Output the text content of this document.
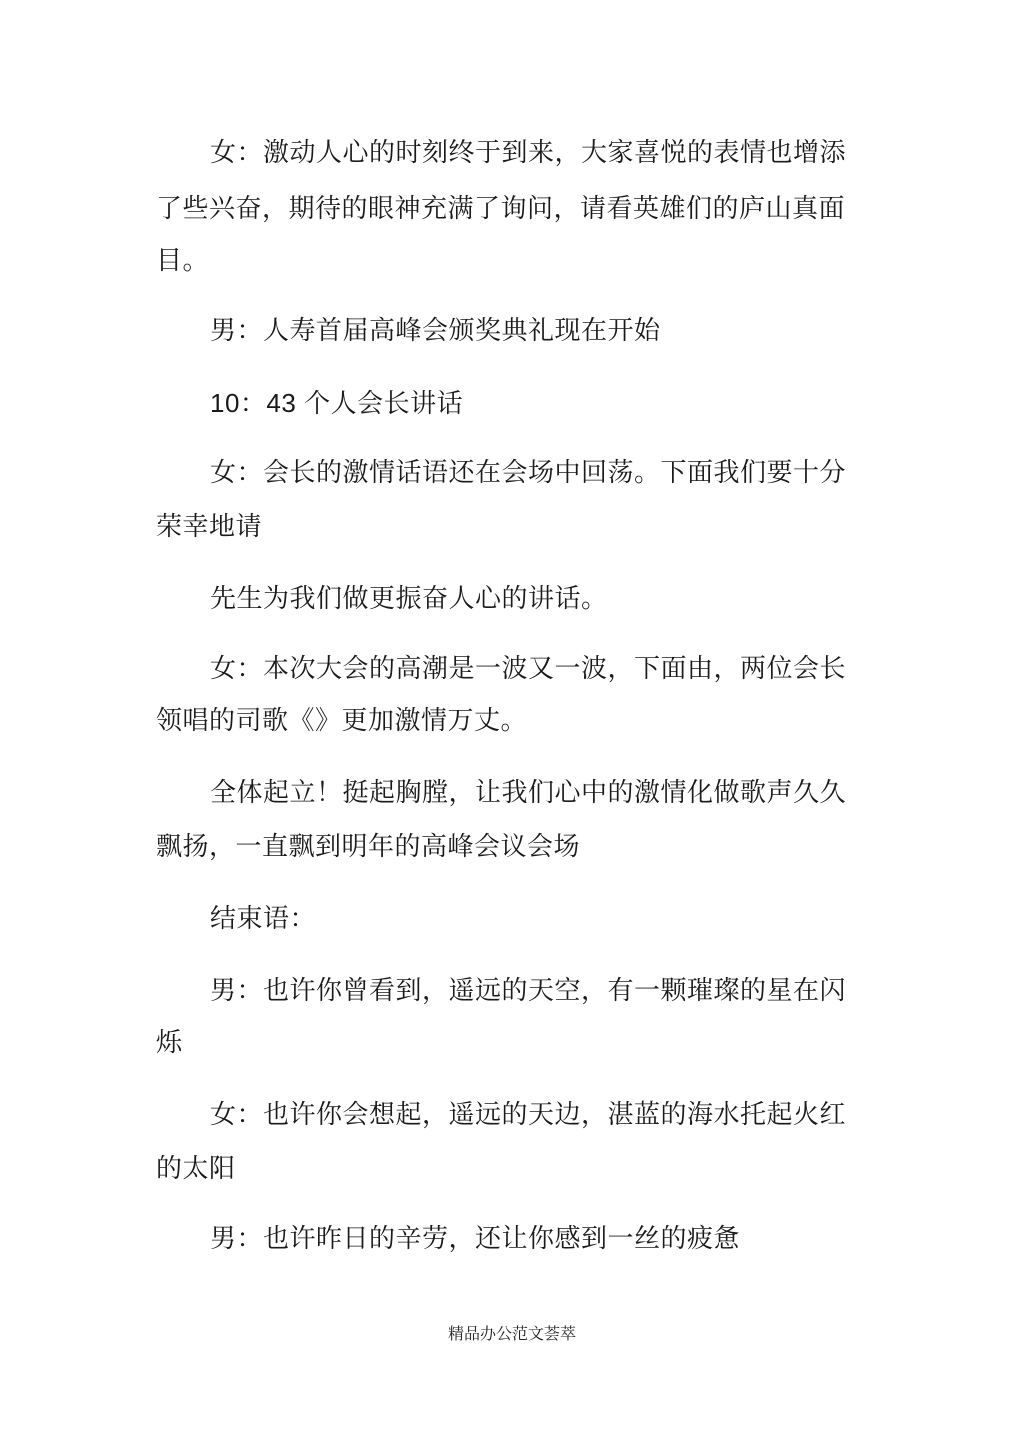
女：激动人心的时刻终于到来，大家喜悦的表情也增添
了些兴奋，期待的眼神充满了询问，请看英雄们的庐山真面
目。
男：人寿首届高峰会颁奖典礼现在开始
10：43 个人会长讲话
女：会长的激情话语还在会场中回荡。下面我们要十分
荣幸地请
先生为我们做更振奋人心的讲话。
女：本次大会的高潮是一波又一波，下面由，两位会长
领唱的司歌《》更加激情万丈。
全体起立！挺起胸膛，让我们心中的激情化做歌声久久
飘扬，一直飘到明年的高峰会议会场
结束语：
男：也许你曾看到，遥远的天空，有一颗璀璨的星在闪
烁
女：也许你会想起，遥远的天边，湛蓝的海水托起火红
的太阳
男：也许昨日的辛劳，还让你感到一丝的疲惫
精品办公范文荟萃
